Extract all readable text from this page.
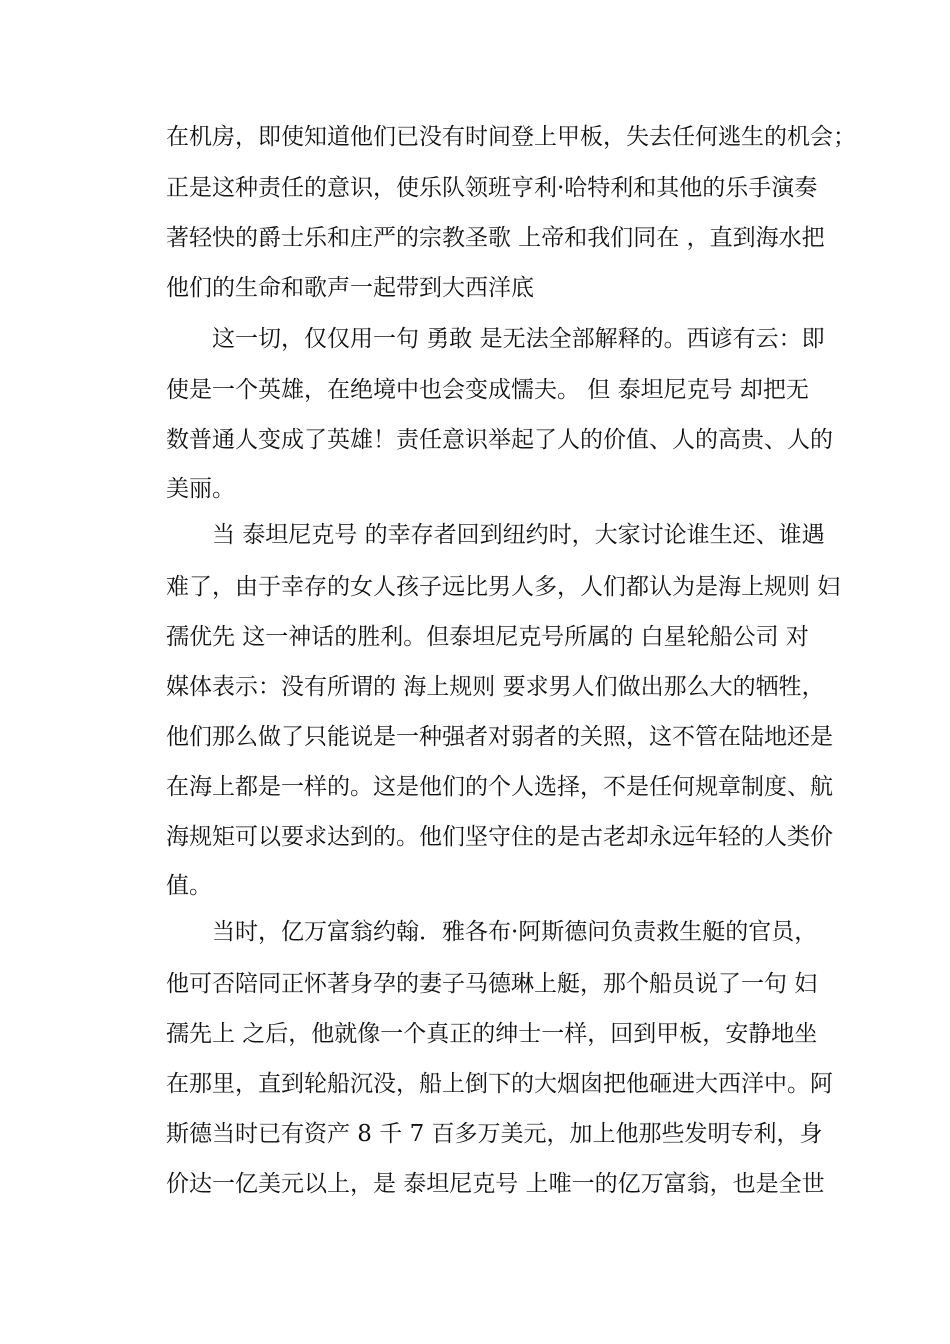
在机房，即使知道他们已没有时间登上甲板，失去任何逃生的机会；
正是这种责任的意识，使乐队领班亨利·哈特利和其他的乐手演奏
著轻快的爵士乐和庄严的宗教圣歌 上帝和我们同在 ，直到海水把
他们的生命和歌声一起带到大西洋底
这一切，仅仅用一句 勇敢 是无法全部解释的。西谚有云：即
使是一个英雄，在绝境中也会变成懦夫。 但 泰坦尼克号 却把无
数普通人变成了英雄！责任意识举起了人的价值、人的高贵、人的
美丽。
当 泰坦尼克号 的幸存者回到纽约时，大家讨论谁生还、谁遇
难了，由于幸存的女人孩子远比男人多，人们都认为是海上规则 妇
孺优先 这一神话的胜利。但泰坦尼克号所属的 白星轮船公司 对
媒体表示：没有所谓的 海上规则 要求男人们做出那么大的牺牲，
他们那么做了只能说是一种强者对弱者的关照，这不管在陆地还是
在海上都是一样的。这是他们的个人选择，不是任何规章制度、航
海规矩可以要求达到的。他们坚守住的是古老却永远年轻的人类价
值。
当时，亿万富翁约翰．雅各布·阿斯德问负责救生艇的官员，
他可否陪同正怀著身孕的妻子马德琳上艇，那个船员说了一句 妇
孺先上 之后，他就像一个真正的绅士一样，回到甲板，安静地坐
在那里，直到轮船沉没，船上倒下的大烟囱把他砸进大西洋中。阿
斯德当时已有资产 8 千 7 百多万美元，加上他那些发明专利，身
价达一亿美元以上，是 泰坦尼克号 上唯一的亿万富翁，也是全世
